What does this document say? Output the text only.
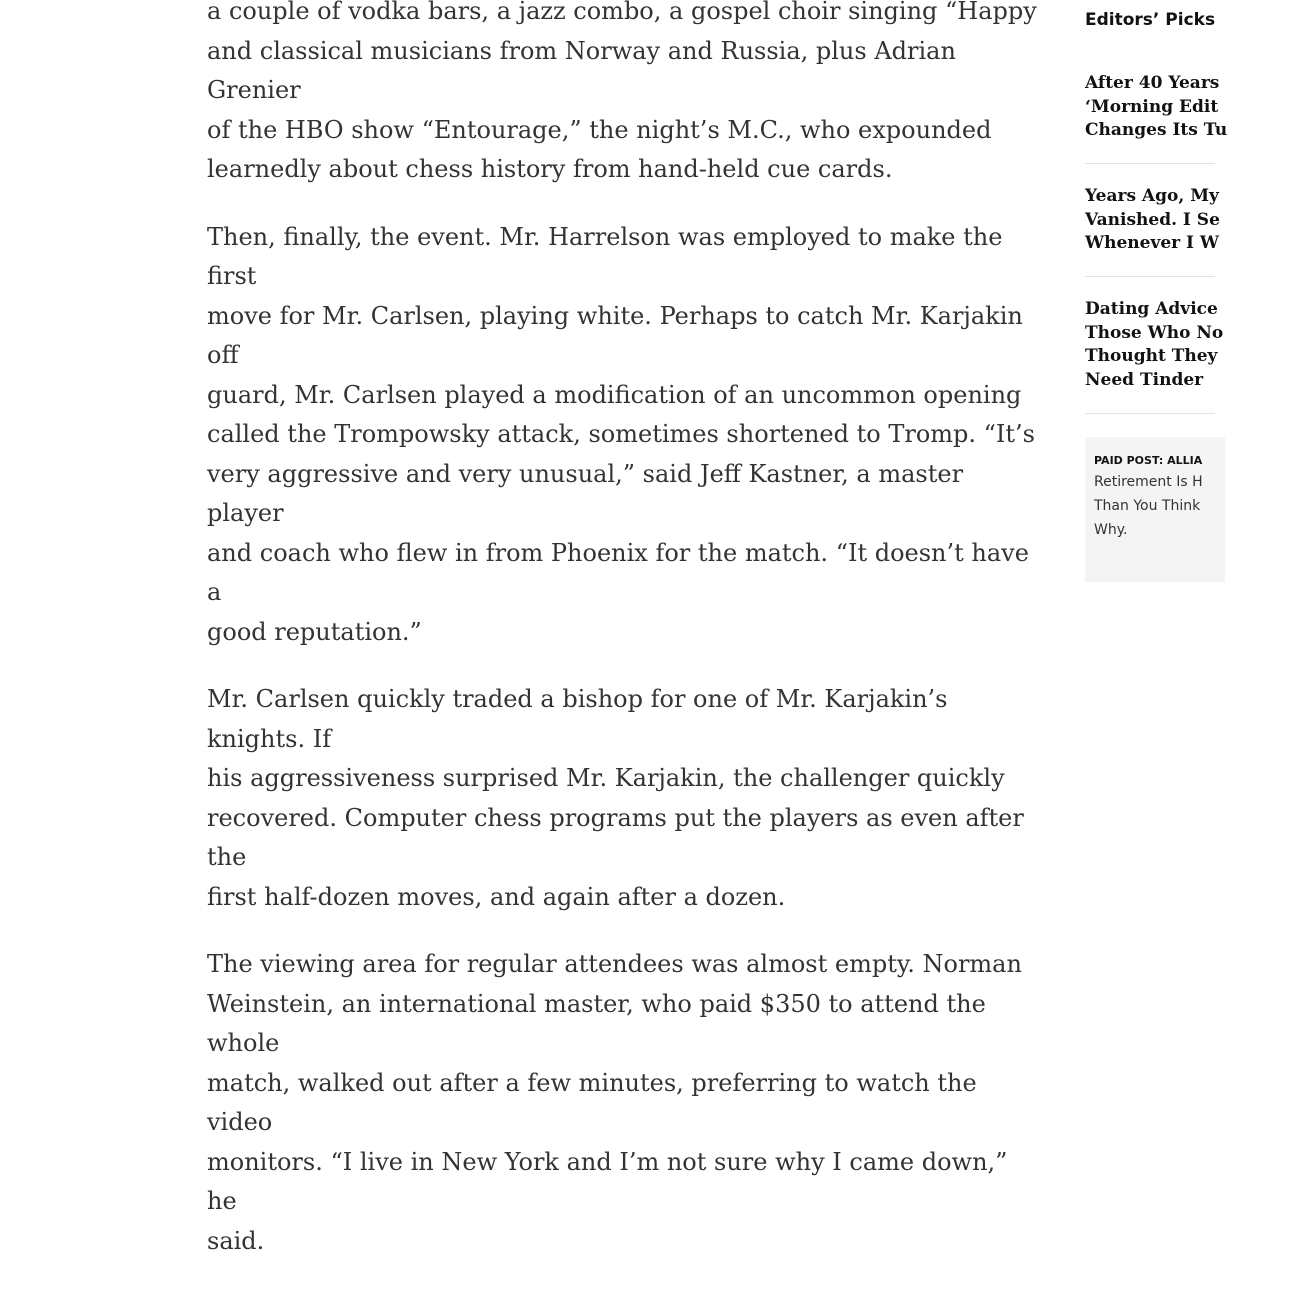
a couple of vodka bars, a jazz combo, a gospel choir singing “Happy
and classical musicians from Norway and Russia, plus Adrian Grenier
of the HBO show “Entourage,” the night’s M.C., who expounded
learnedly about chess history from hand-held cue cards.

Then, finally, the event. Mr. Harrelson was employed to make the first
move for Mr. Carlsen, playing white. Perhaps to catch Mr. Karjakin off
guard, Mr. Carlsen played a modification of an uncommon opening
called the Trompowsky attack, sometimes shortened to Tromp. “It’s
very aggressive and very unusual,” said Jeff Kastner, a master player
and coach who flew in from Phoenix for the match. “It doesn’t have a
good reputation.”

Mr. Carlsen quickly traded a bishop for one of Mr. Karjakin’s knights. If
his aggressiveness surprised Mr. Karjakin, the challenger quickly
recovered. Computer chess programs put the players as even after the
first half-dozen moves, and again after a dozen.

The viewing area for regular attendees was almost empty. Norman
Weinstein, an international master, who paid $350 to attend the whole
match, walked out after a few minutes, preferring to watch the video
monitors. “I live in New York and I’m not sure why I came down,” he
said.

Editors’ Picks
After 40 Years
‘Morning Edit
Changes Its Tu
Years Ago, My
Vanished. I Se
Whenever I W
Dating Advice
Those Who No
Thought They
Need Tinder
PAID POST: ALLIA
Retirement Is H
Than You Think
Why.
